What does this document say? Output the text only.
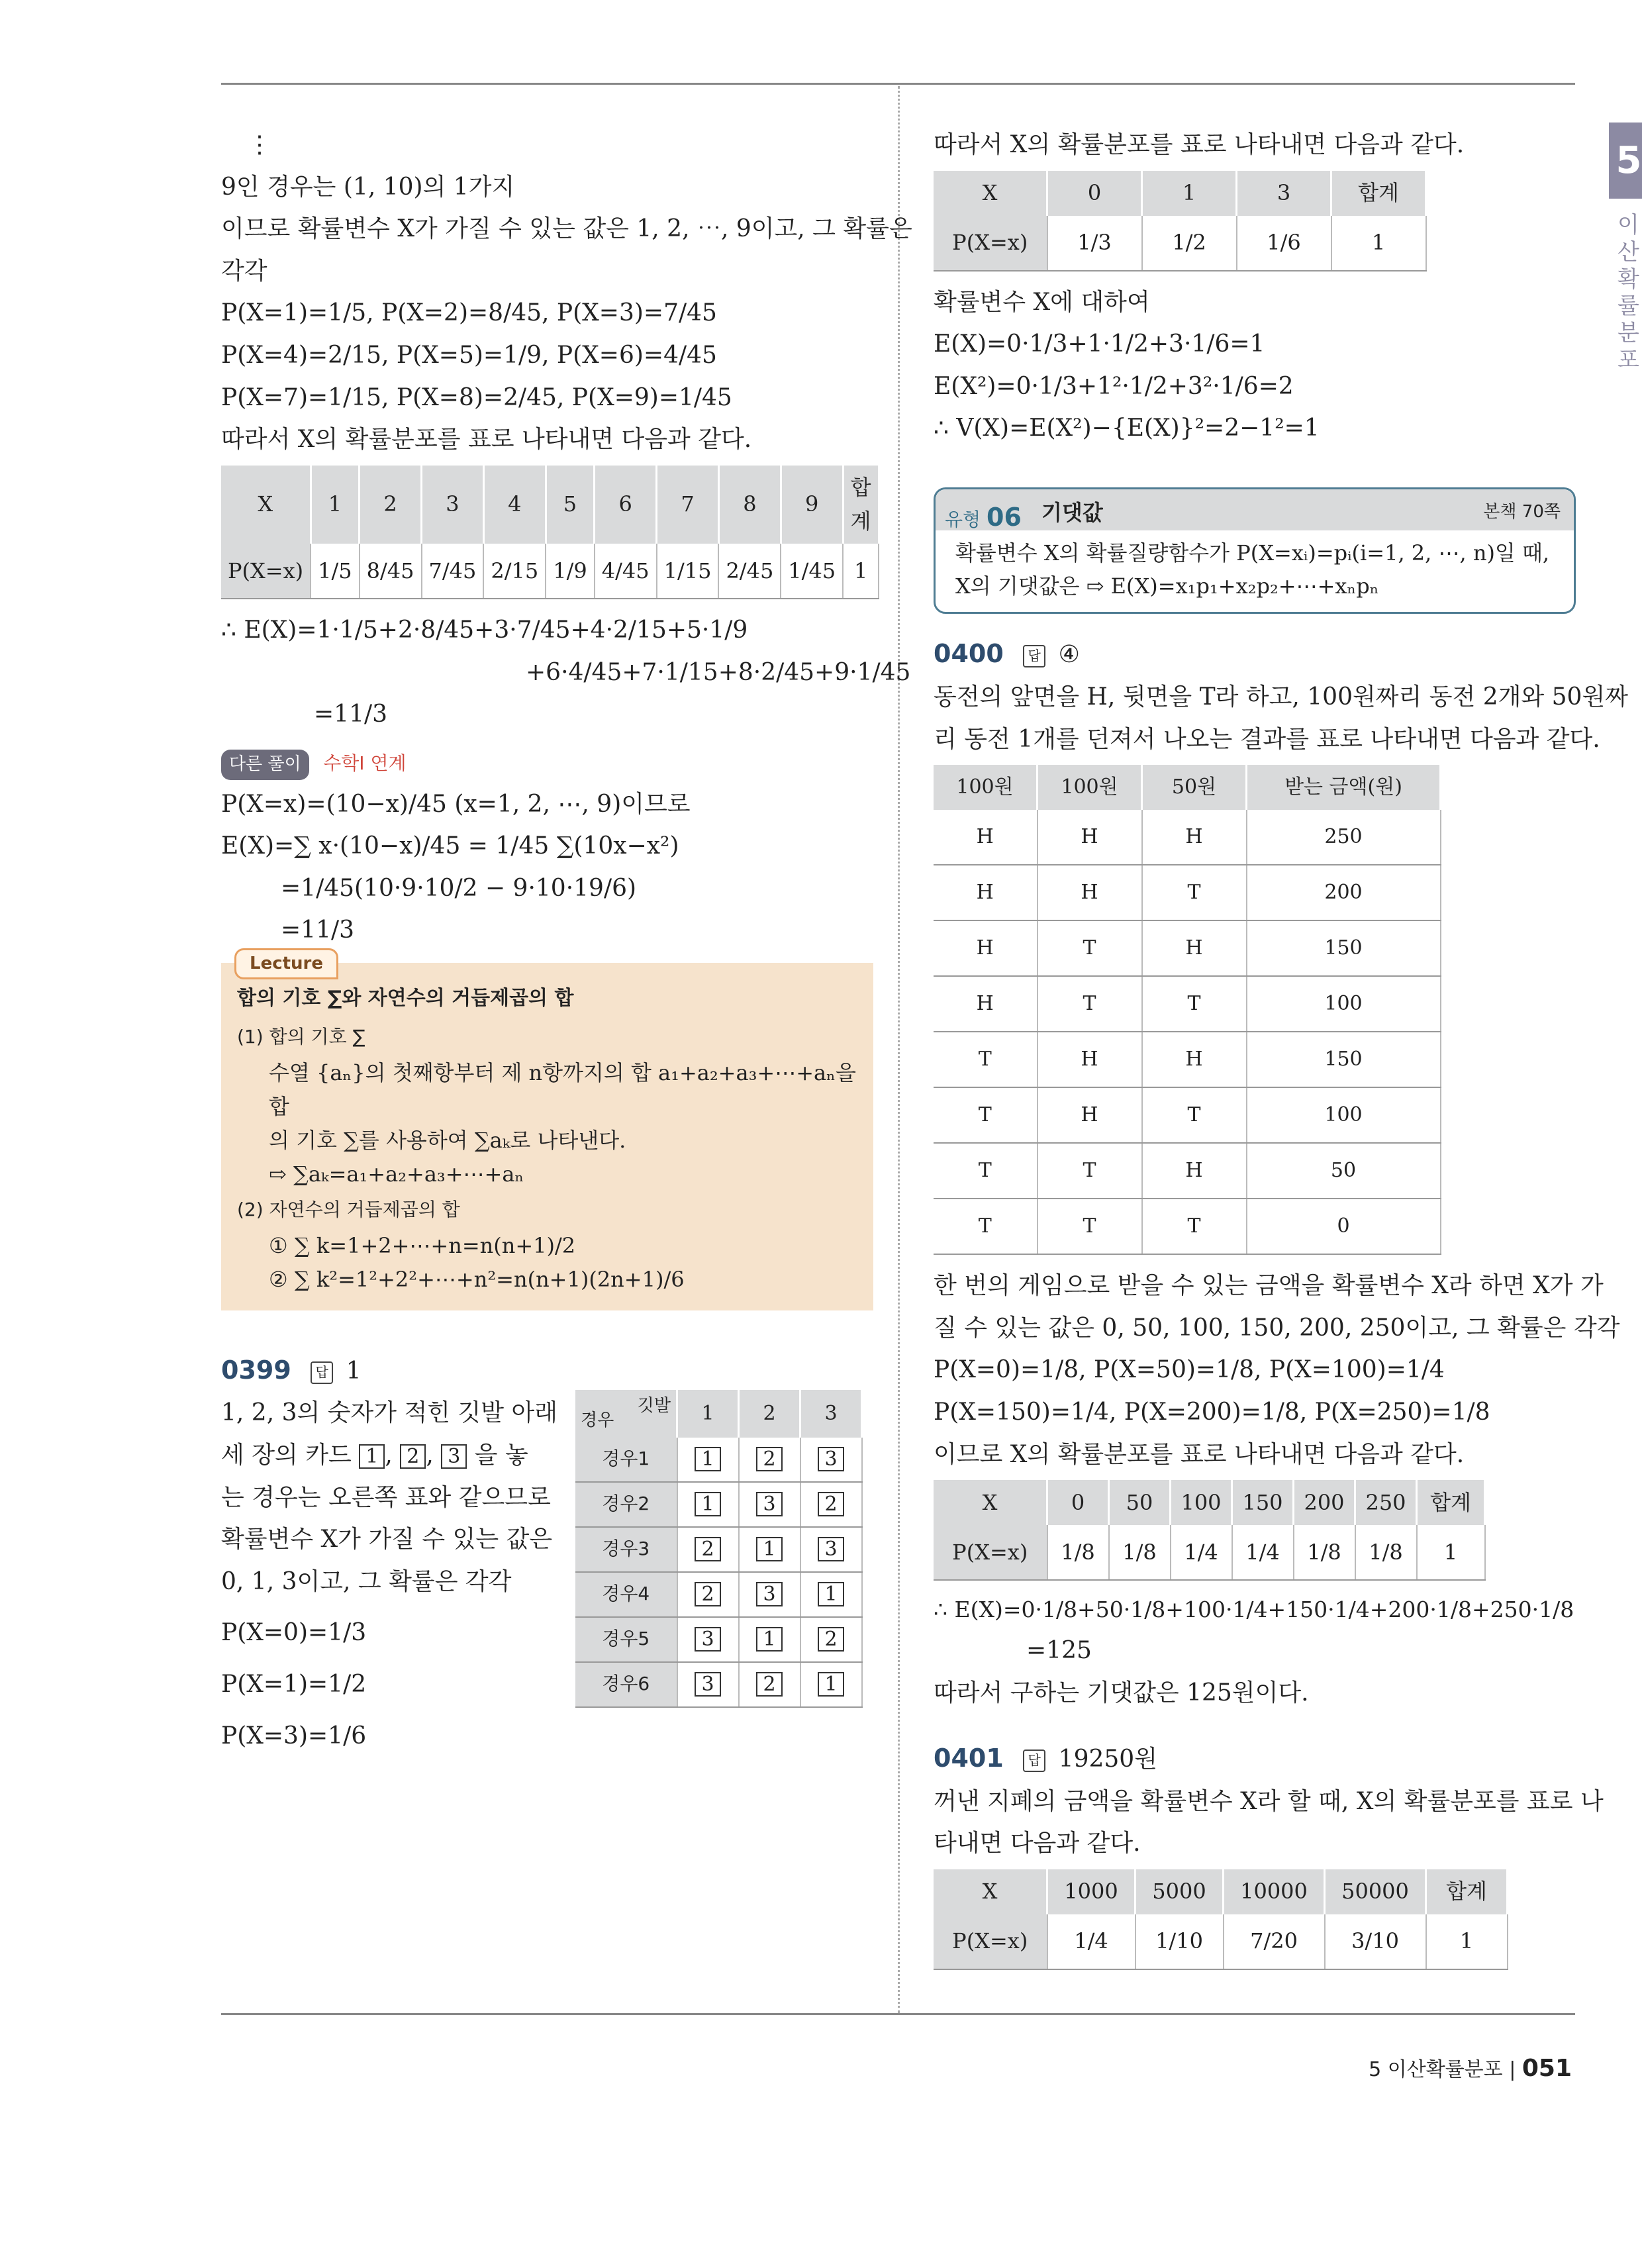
5
이산확률분포

⋮

9인 경우는 (1, 10)의 1가지

이므로 확률변수 X가 가질 수 있는 값은 1, 2, ⋯, 9이고, 그 확률은

각각

P(X=1)=1/5, P(X=2)=8/45, P(X=3)=7/45

P(X=4)=2/15, P(X=5)=1/9, P(X=6)=4/45

P(X=7)=1/15, P(X=8)=2/45, P(X=9)=1/45

따라서 X의 확률분포를 표로 나타내면 다음과 같다.

X	1	2	3	4	5	6	7	8	9	합계
P(X=x)	1/5	8/45	7/45	2/15	1/9	4/45	1/15	2/45	1/45	1

∴ E(X)=1·1/5+2·8/45+3·7/45+4·2/15+5·1/9

+6·4/45+7·1/15+8·2/45+9·1/45

=11/3

다른 풀이 수학Ⅰ 연계

P(X=x)=(10−x)/45 (x=1, 2, ⋯, 9)이므로

E(X)=∑ x·(10−x)/45 = 1/45 ∑(10x−x²)

=1/45(10·9·10/2 − 9·10·19/6)

=11/3

Lecture
합의 기호 ∑와 자연수의 거듭제곱의 합
(1) 합의 기호 ∑
수열 {aₙ}의 첫째항부터 제 n항까지의 합 a₁+a₂+a₃+⋯+aₙ을 합
의 기호 ∑를 사용하여 ∑aₖ로 나타낸다.
⇨ ∑aₖ=a₁+a₂+a₃+⋯+aₙ
(2) 자연수의 거듭제곱의 합
① ∑ k=1+2+⋯+n=n(n+1)/2
② ∑ k²=1²+2²+⋯+n²=n(n+1)(2n+1)/6

0399 답 1

1, 2, 3의 숫자가 적힌 깃발 아래

세 장의 카드 1 , 2 , 3 을 놓

는 경우는 오른쪽 표와 같으므로

확률변수 X가 가질 수 있는 값은

0, 1, 3이고, 그 확률은 각각

P(X=0)=1/3

P(X=1)=1/2

P(X=3)=1/6

깃발
경우	1	2	3
경우1	1	2	3
경우2	1	3	2
경우3	2	1	3
경우4	2	3	1
경우5	3	1	2
경우6	3	2	1

따라서 X의 확률분포를 표로 나타내면 다음과 같다.

X	0	1	3	합계
P(X=x)	1/3	1/2	1/6	1

확률변수 X에 대하여

E(X)=0·1/3+1·1/2+3·1/6=1

E(X²)=0·1/3+1²·1/2+3²·1/6=2

∴ V(X)=E(X²)−{E(X)}²=2−1²=1

유형 06 기댓값	본책 70쪽
확률변수 X의 확률질량함수가 P(X=xᵢ)=pᵢ(i=1, 2, ⋯, n)일 때,
X의 기댓값은 ⇨ E(X)=x₁p₁+x₂p₂+⋯+xₙpₙ

0400 답 ④

동전의 앞면을 H, 뒷면을 T라 하고, 100원짜리 동전 2개와 50원짜

리 동전 1개를 던져서 나오는 결과를 표로 나타내면 다음과 같다.

100원	100원	50원	받는 금액(원)
H	H	H	250
H	H	T	200
H	T	H	150
H	T	T	100
T	H	H	150
T	H	T	100
T	T	H	50
T	T	T	0

한 번의 게임으로 받을 수 있는 금액을 확률변수 X라 하면 X가 가

질 수 있는 값은 0, 50, 100, 150, 200, 250이고, 그 확률은 각각

P(X=0)=1/8, P(X=50)=1/8, P(X=100)=1/4

P(X=150)=1/4, P(X=200)=1/8, P(X=250)=1/8

이므로 X의 확률분포를 표로 나타내면 다음과 같다.

X	0	50	100	150	200	250	합계
P(X=x)	1/8	1/8	1/4	1/4	1/8	1/8	1

∴ E(X)=0·1/8+50·1/8+100·1/4+150·1/4+200·1/8+250·1/8

=125

따라서 구하는 기댓값은 125원이다.

0401 답 19250원

꺼낸 지폐의 금액을 확률변수 X라 할 때, X의 확률분포를 표로 나

타내면 다음과 같다.

X	1000	5000	10000	50000	합계
P(X=x)	1/4	1/10	7/20	3/10	1
5 이산확률분포 | 051
